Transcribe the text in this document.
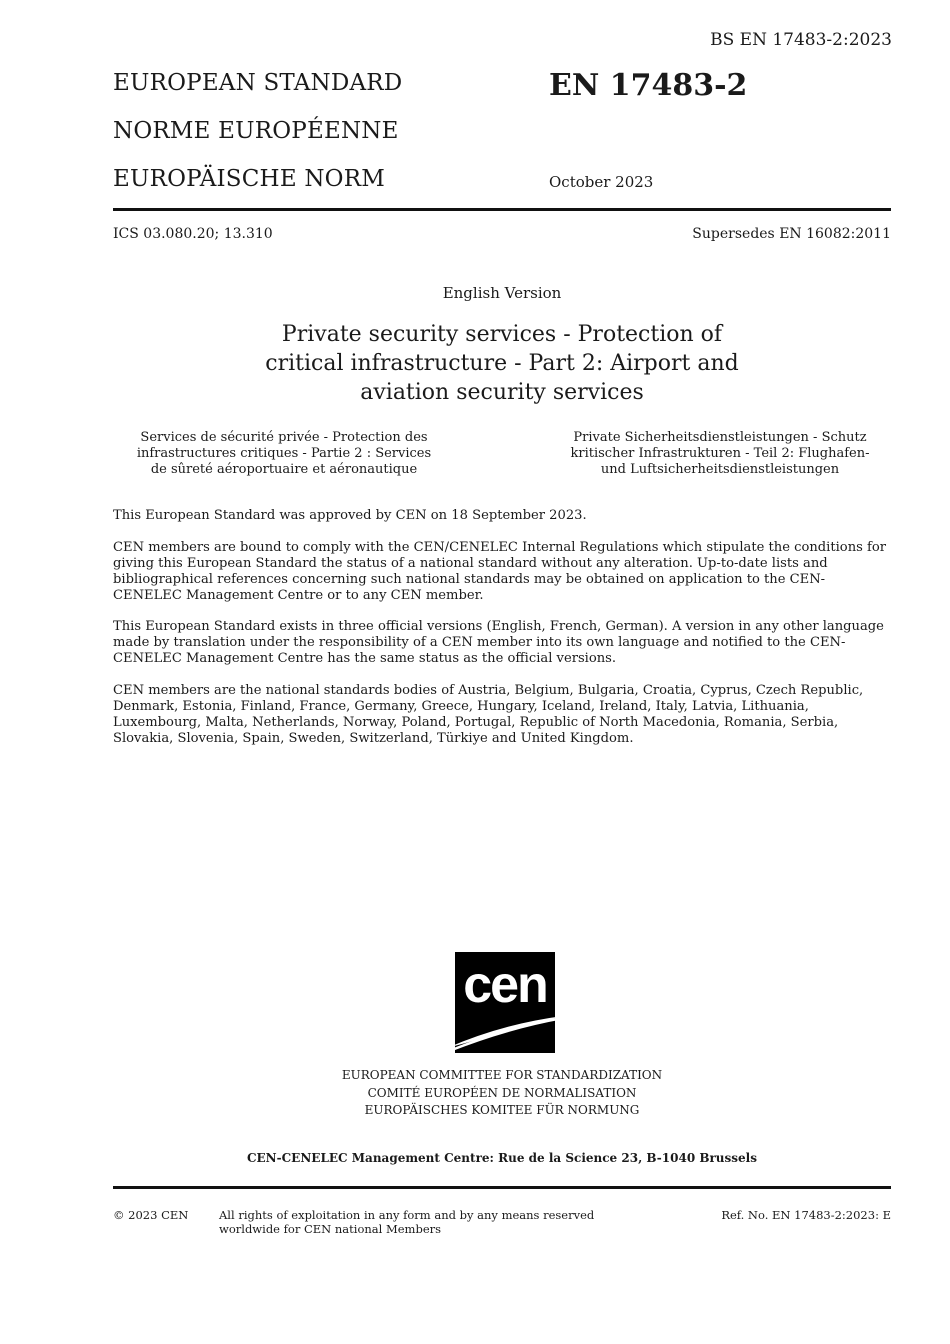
BS EN 17483-2:2023
EUROPEAN STANDARD
NORME EUROPÉENNE
EUROPÄISCHE NORM
EN 17483-2
October 2023
ICS 03.080.20; 13.310	Supersedes EN 16082:2011
English Version
Private security services - Protection of critical infrastructure - Part 2: Airport and aviation security services
Services de sécurité privée - Protection des infrastructures critiques - Partie 2 : Services de sûreté aéroportuaire et aéronautique
Private Sicherheitsdienstleistungen - Schutz kritischer Infrastrukturen - Teil 2: Flughafen- und Luftsicherheitsdienstleistungen
This European Standard was approved by CEN on 18 September 2023.
CEN members are bound to comply with the CEN/CENELEC Internal Regulations which stipulate the conditions for giving this European Standard the status of a national standard without any alteration. Up-to-date lists and bibliographical references concerning such national standards may be obtained on application to the CEN-CENELEC Management Centre or to any CEN member.
This European Standard exists in three official versions (English, French, German). A version in any other language made by translation under the responsibility of a CEN member into its own language and notified to the CEN-CENELEC Management Centre has the same status as the official versions.
CEN members are the national standards bodies of Austria, Belgium, Bulgaria, Croatia, Cyprus, Czech Republic, Denmark, Estonia, Finland, France, Germany, Greece, Hungary, Iceland, Ireland, Italy, Latvia, Lithuania, Luxembourg, Malta, Netherlands, Norway, Poland, Portugal, Republic of North Macedonia, Romania, Serbia, Slovakia, Slovenia, Spain, Sweden, Switzerland, Türkiye and United Kingdom.
cen
EUROPEAN COMMITTEE FOR STANDARDIZATION
COMITÉ EUROPÉEN DE NORMALISATION
EUROPÄISCHES KOMITEE FÜR NORMUNG
CEN-CENELEC Management Centre: Rue de la Science 23, B-1040 Brussels
© 2023 CEN	All rights of exploitation in any form and by any means reserved worldwide for CEN national Members
Ref. No. EN 17483-2:2023: E
